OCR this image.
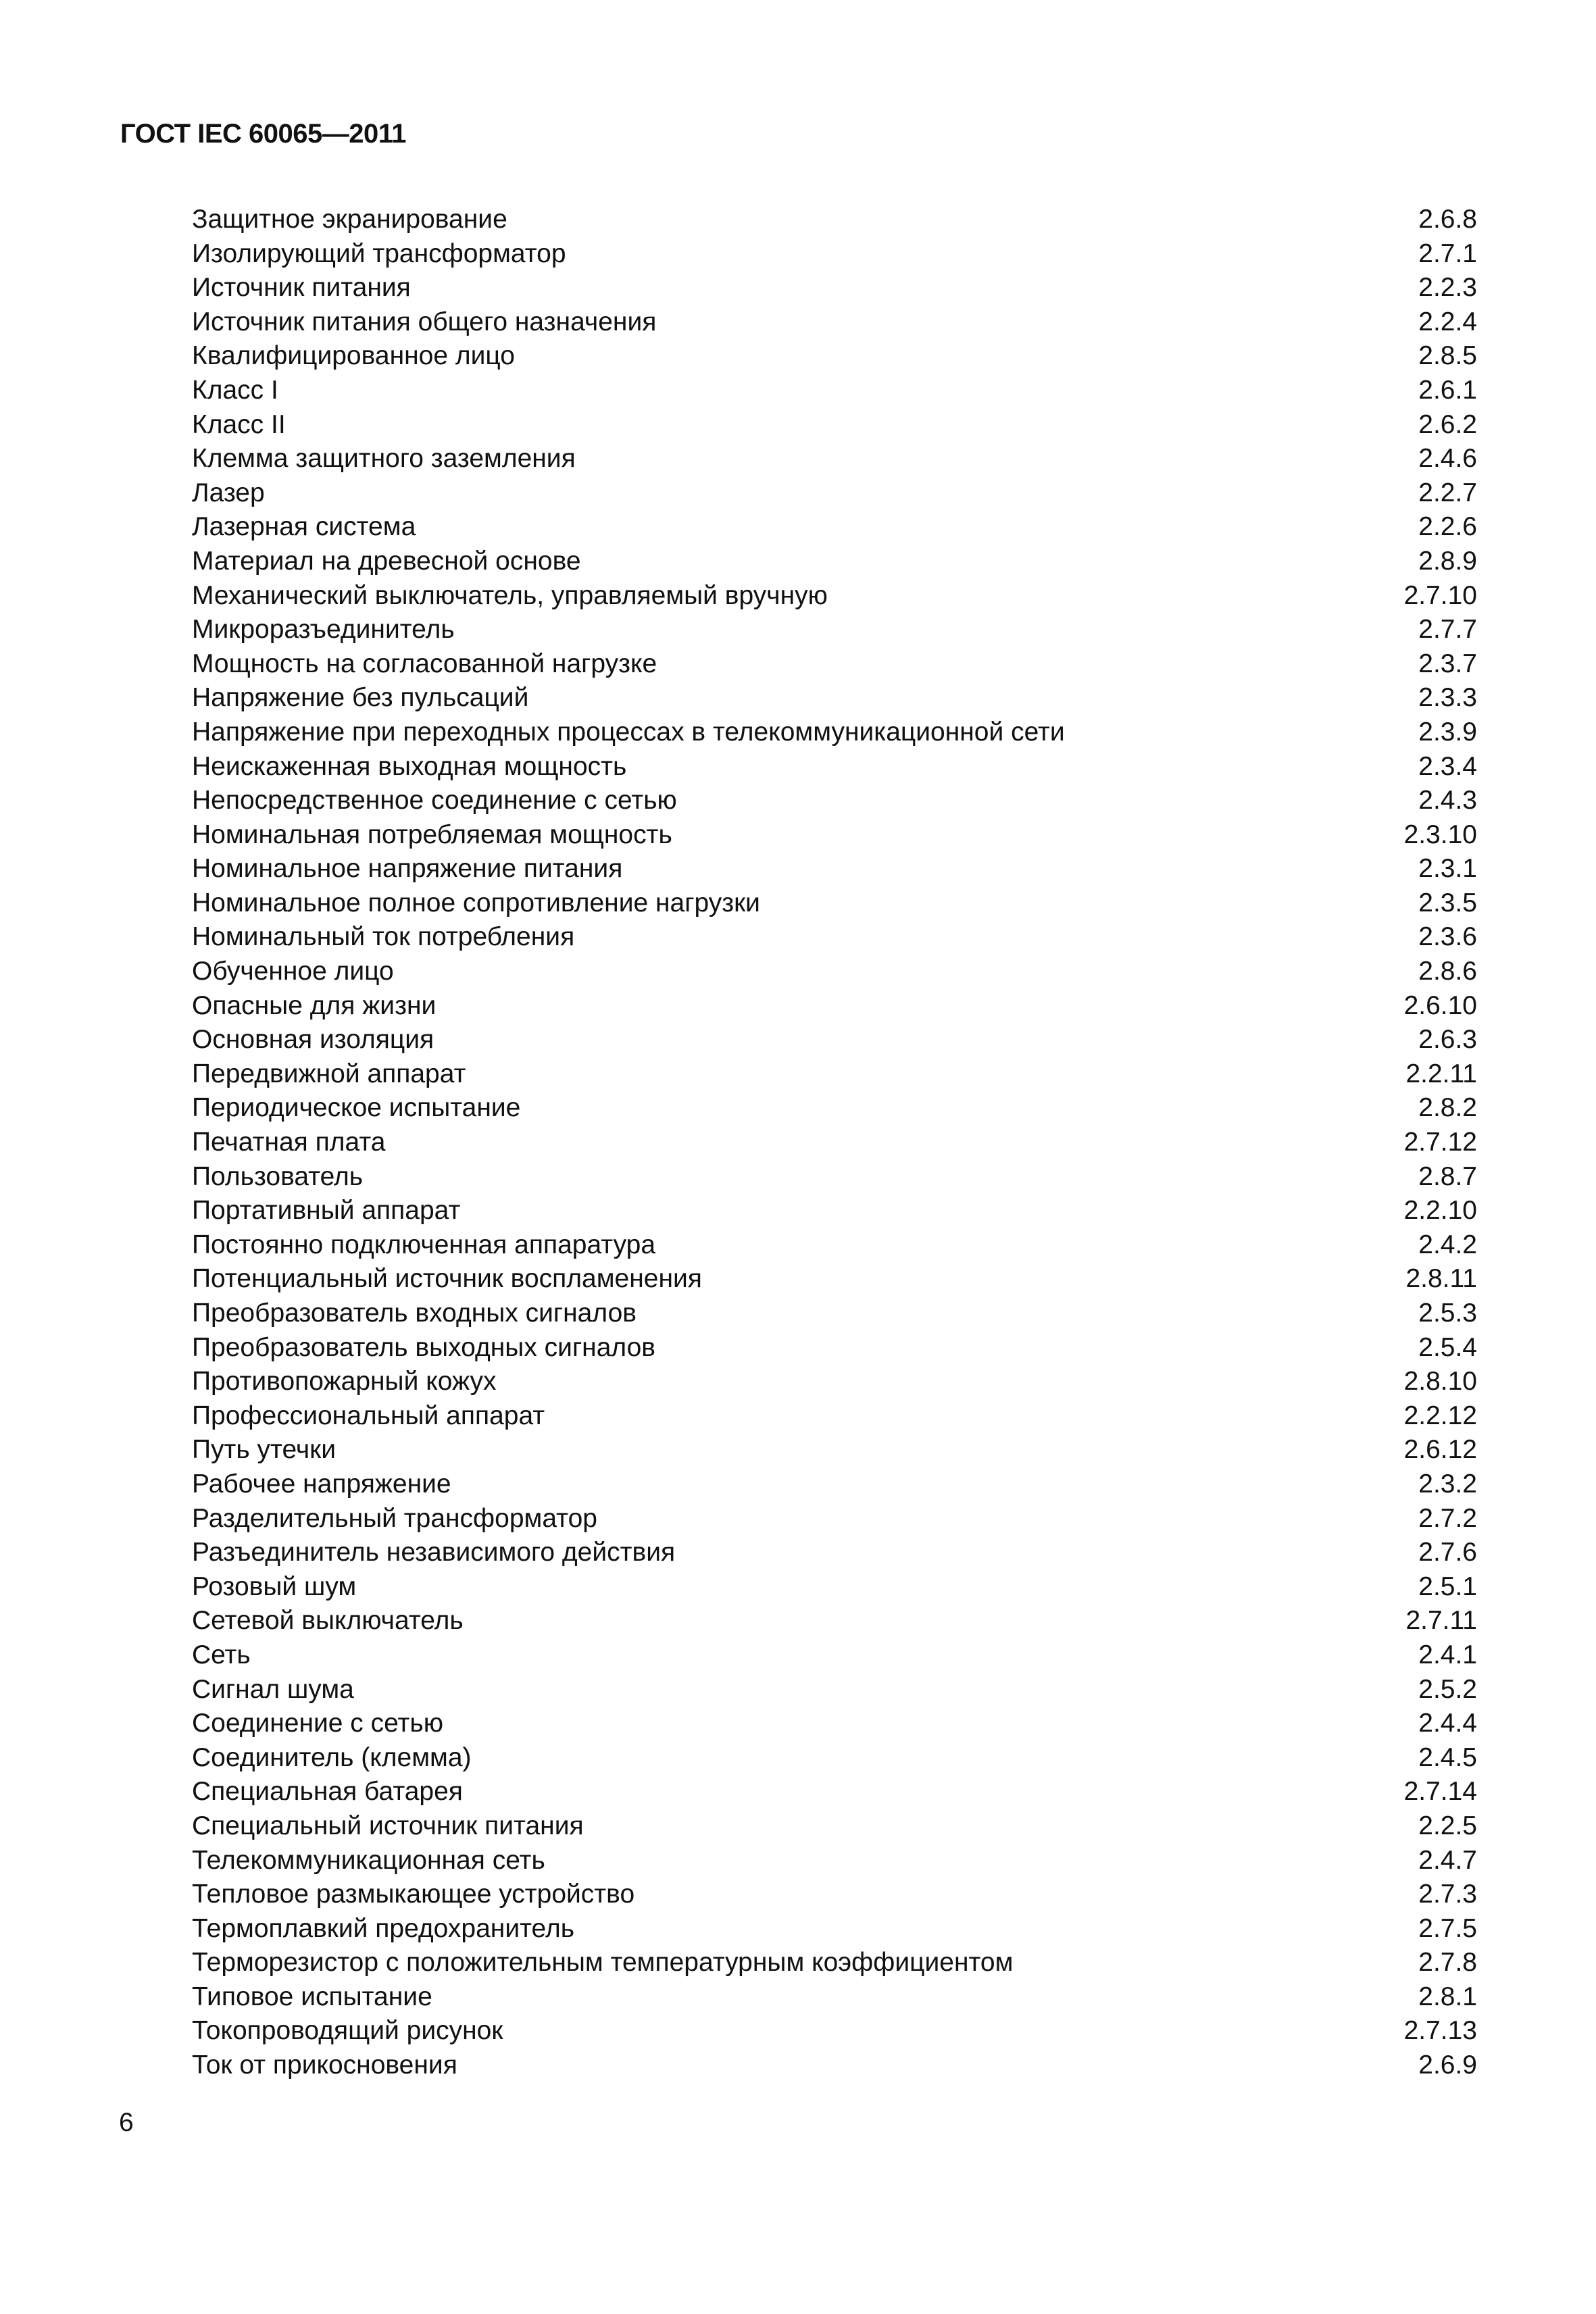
ГОСТ IEC 60065—2011
Защитное экранирование	2.6.8
Изолирующий трансформатор	2.7.1
Источник питания	2.2.3
Источник питания общего назначения	2.2.4
Квалифицированное лицо	2.8.5
Класс I	2.6.1
Класс II	2.6.2
Клемма защитного заземления	2.4.6
Лазер	2.2.7
Лазерная система	2.2.6
Материал на древесной основе	2.8.9
Механический выключатель, управляемый вручную	2.7.10
Микроразъединитель	2.7.7
Мощность на согласованной нагрузке	2.3.7
Напряжение без пульсаций	2.3.3
Напряжение при переходных процессах в телекоммуникационной сети	2.3.9
Неискаженная выходная мощность	2.3.4
Непосредственное соединение с сетью	2.4.3
Номинальная потребляемая мощность	2.3.10
Номинальное напряжение питания	2.3.1
Номинальное полное сопротивление нагрузки	2.3.5
Номинальный ток потребления	2.3.6
Обученное лицо	2.8.6
Опасные для жизни	2.6.10
Основная изоляция	2.6.3
Передвижной аппарат	2.2.11
Периодическое испытание	2.8.2
Печатная плата	2.7.12
Пользователь	2.8.7
Портативный аппарат	2.2.10
Постоянно подключенная аппаратура	2.4.2
Потенциальный источник воспламенения	2.8.11
Преобразователь входных сигналов	2.5.3
Преобразователь выходных сигналов	2.5.4
Противопожарный кожух	2.8.10
Профессиональный аппарат	2.2.12
Путь утечки	2.6.12
Рабочее напряжение	2.3.2
Разделительный трансформатор	2.7.2
Разъединитель независимого действия	2.7.6
Розовый шум	2.5.1
Сетевой выключатель	2.7.11
Сеть	2.4.1
Сигнал шума	2.5.2
Соединение с сетью	2.4.4
Соединитель (клемма)	2.4.5
Специальная батарея	2.7.14
Специальный источник питания	2.2.5
Телекоммуникационная сеть	2.4.7
Тепловое размыкающее устройство	2.7.3
Термоплавкий предохранитель	2.7.5
Терморезистор с положительным температурным коэффициентом	2.7.8
Типовое испытание	2.8.1
Токопроводящий рисунок	2.7.13
Ток от прикосновения	2.6.9
6
